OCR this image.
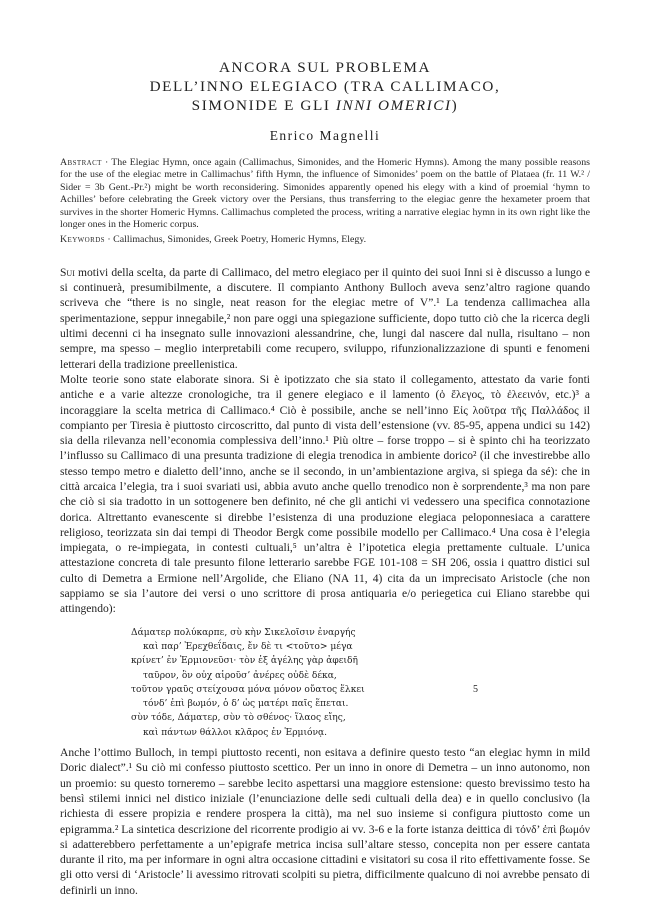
ANCORA SUL PROBLEMA
DELL’INNO ELEGIACO (TRA CALLIMACO,
SIMONIDE E GLI INNI OMERICI)
Enrico Magnelli
Abstract · The Elegiac Hymn, once again (Callimachus, Simonides, and the Homeric Hymns). Among the many possible reasons for the use of the elegiac metre in Callimachus’ fifth Hymn, the influence of Simonides’ poem on the battle of Plataea (fr. 11 W.² / Sider = 3b Gent.-Pr.²) might be worth reconsidering. Simonides apparently opened his elegy with a kind of proemial ‘hymn to Achilles’ before celebrating the Greek victory over the Persians, thus transferring to the elegiac genre the hexameter proem that survives in the shorter Homeric Hymns. Callimachus completed the process, writing a narrative elegiac hymn in its own right like the longer ones in the Homeric corpus.
Keywords · Callimachus, Simonides, Greek Poetry, Homeric Hymns, Elegy.

Sui motivi della scelta, da parte di Callimaco, del metro elegiaco per il quinto dei suoi Inni si è discusso a lungo e si continuerà, presumibilmente, a discutere. Il compianto Anthony Bulloch aveva senz’altro ragione quando scriveva che “there is no single, neat reason for the elegiac metre of V”.¹ La tendenza callimachea alla sperimentazione, seppur innegabile,² non pare oggi una spiegazione sufficiente, dopo tutto ciò che la ricerca degli ultimi decenni ci ha insegnato sulle innovazioni alessandrine, che, lungi dal nascere dal nulla, risultano – non sempre, ma spesso – meglio interpretabili come recupero, sviluppo, rifunzionalizzazione di spunti e fenomeni letterari della tradizione preellenistica.

Molte teorie sono state elaborate sinora. Si è ipotizzato che sia stato il collegamento, attestato da varie fonti antiche e a varie altezze cronologiche, tra il genere elegiaco e il lamento (ὁ ἔλεγος, τὸ ἐλεεινόν, etc.)³ a incoraggiare la scelta metrica di Callimaco.⁴ Ciò è possibile, anche se nell’inno Εἰς λοῦτρα τῆς Παλλάδος il compianto per Tiresia è piuttosto circoscritto, dal punto di vista dell’estensione (vv. 85-95, appena undici su 142) sia della rilevanza nell’economia complessiva dell’inno.¹ Più oltre – forse troppo – si è spinto chi ha teorizzato l’influsso su Callimaco di una presunta tradizione di elegia trenodica in ambiente dorico² (il che investirebbe allo stesso tempo metro e dialetto dell’inno, anche se il secondo, in un’ambientazione argiva, si spiega da sé): che in città arcaica l’elegia, tra i suoi svariati usi, abbia avuto anche quello trenodico non è sorprendente,³ ma non pare che ciò si sia tradotto in un sottogenere ben definito, né che gli antichi vi vedessero una specifica connotazione dorica. Altrettanto evanescente si direbbe l’esistenza di una produzione elegiaca peloponnesiaca a carattere religioso, teorizzata sin dai tempi di Theodor Bergk come possibile modello per Callimaco.⁴ Una cosa è l’elegia impiegata, o re-impiegata, in contesti cultuali,⁵ un’altra è l’ipotetica elegia prettamente cultuale. L’unica attestazione concreta di tale presunto filone letterario sarebbe FGE 101-108 = SH 206, ossia i quattro distici sul culto di Demetra a Ermione nell’Argolide, che Eliano (NA 11, 4) cita da un imprecisato Aristocle (che non sappiamo se sia l’autore dei versi o uno scrittore di prosa antiquaria e/o periegetica cui Eliano starebbe qui attingendo):

Δάματερ πολύκαρπε, σὺ κὴν Σικελοῖσιν ἐναργής
καὶ παρ’ Ἐρεχθεΐδαις, ἔν δὲ τι <τοῦτο> μέγα
κρίνετ’ ἐν Ἑρμιονεῦσι· τὸν ἐξ ἀγέλης γὰρ ἀφειδῆ
ταῦρον, ὃν οὐχ αἱροῦσ’ ἀνέρες οὐδὲ δέκα,
τοῦτον γραῦς στείχουσα μόνα μόνον οὔατος ἕλκει	5
τόνδ’ ἐπὶ βωμόν, ὁ δ’ ὡς ματέρι παῖς ἕπεται.
σὺν τόδε, Δάματερ, σὺν τὸ σθένος· ἵλαος εἴης,
καὶ πάντων θάλλοι κλᾶρος ἐν Ἑρμιόνᾳ.

Anche l’ottimo Bulloch, in tempi piuttosto recenti, non esitava a definire questo testo “an elegiac hymn in mild Doric dialect”.¹ Su ciò mi confesso piuttosto scettico. Per un inno in onore di Demetra – un inno autonomo, non un proemio: su questo torneremo – sarebbe lecito aspettarsi una maggiore estensione: questo brevissimo testo ha bensì stilemi innici nel distico iniziale (l’enunciazione delle sedi cultuali della dea) e in quello conclusivo (la richiesta di essere propizia e rendere prospera la città), ma nel suo insieme si configura piuttosto come un epigramma.² La sintetica descrizione del ricorrente prodigio ai vv. 3-6 e la forte istanza deittica di τόνδ’ ἐπὶ βωμόν si adatterebbero perfettamente a un’epigrafe metrica incisa sull’altare stesso, concepita non per essere cantata durante il rito, ma per informare in ogni altra occasione cittadini e visitatori su cosa il rito effettivamente fosse. Se gli otto versi di ‘Aristocle’ li avessimo ritrovati scolpiti su pietra, difficilmente qualcuno di noi avrebbe pensato di definirli un inno.
